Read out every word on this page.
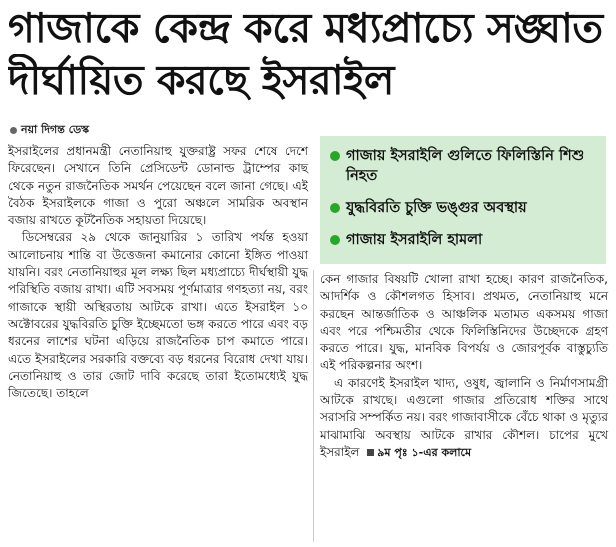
গাজাকে কেন্দ্র করে মধ্যপ্রাচ্যে সঙ্ঘাত
দীর্ঘায়িত করছে ইসরাইল
নয়া দিগন্ত ডেস্ক

ইসরাইলের প্রধানমন্ত্রী নেতানিয়াহু যুক্তরাষ্ট্র সফর শেষে দেশে ফিরেছেন। সেখানে তিনি প্রেসিডেন্ট ডোনাল্ড ট্রাম্পের কাছ থেকে নতুন রাজনৈতিক সমর্থন পেয়েছেন বলে জানা গেছে। এই বৈঠক ইসরাইলকে গাজা ও পুরো অঞ্চলে সামরিক অবস্থান বজায় রাখতে কূটনৈতিক সহায়তা দিয়েছে।

ডিসেম্বরের ২৯ থেকে জানুয়ারির ১ তারিখ পর্যন্ত হওয়া আলোচনায় শান্তি বা উত্তেজনা কমানোর কোনো ইঙ্গিত পাওয়া যায়নি। বরং নেতানিয়াহুর মূল লক্ষ্য ছিল মধ্যপ্রাচ্যে দীর্ঘস্থায়ী যুদ্ধ পরিস্থিতি বজায় রাখা। এটি সবসময় পূর্ণমাত্রার গণহত্যা নয়, বরং গাজাকে স্থায়ী অস্থিরতায় আটকে রাখা। এতে ইসরাইল ১০ অক্টোবরের যুদ্ধবিরতি চুক্তি ইচ্ছেমতো ভঙ্গ করতে পারে এবং বড় ধরনের লাশের ঘটনা এড়িয়ে রাজনৈতিক চাপ কমাতে পারে। এতে ইসরাইলের সরকারি বক্তব্যে বড় ধরনের বিরোধ দেখা যায়। নেতানিয়াহু ও তার জোট দাবি করেছে তারা ইতোমধ্যেই যুদ্ধ জিতেছে। তাহলে

গাজায় ইসরাইলি গুলিতে ফিলিস্তিনি শিশু নিহত
যুদ্ধবিরতি চুক্তি ভঙ্গুর অবস্থায়
গাজায় ইসরাইলি হামলা

কেন গাজার বিষয়টি খোলা রাখা হচ্ছে। কারণ রাজনৈতিক, আদর্শিক ও কৌশলগত হিসাব। প্রথমত, নেতানিয়াহু মনে করছেন আন্তর্জাতিক ও আঞ্চলিক মতামত একসময় গাজা এবং পরে পশ্চিমতীর থেকে ফিলিস্তিনিদের উচ্ছেদকে গ্রহণ করতে পারে। যুদ্ধ, মানবিক বিপর্যয় ও জোরপূর্বক বাস্তুচ্যুতি এই পরিকল্পনার অংশ।

এ কারণেই ইসরাইল খাদ্য, ওষুধ, জ্বালানি ও নির্মাণসামগ্রী আটকে রাখছে। এগুলো গাজার প্রতিরোধ শক্তির সাথে সরাসরি সম্পর্কিত নয়। বরং গাজাবাসীকে বেঁচে থাকা ও মৃত্যুর মাঝামাঝি অবস্থায় আটকে রাখার কৌশল। চাপের মুখে ইসরাইল ৯ম পৃঃ ১-এর কলামে
